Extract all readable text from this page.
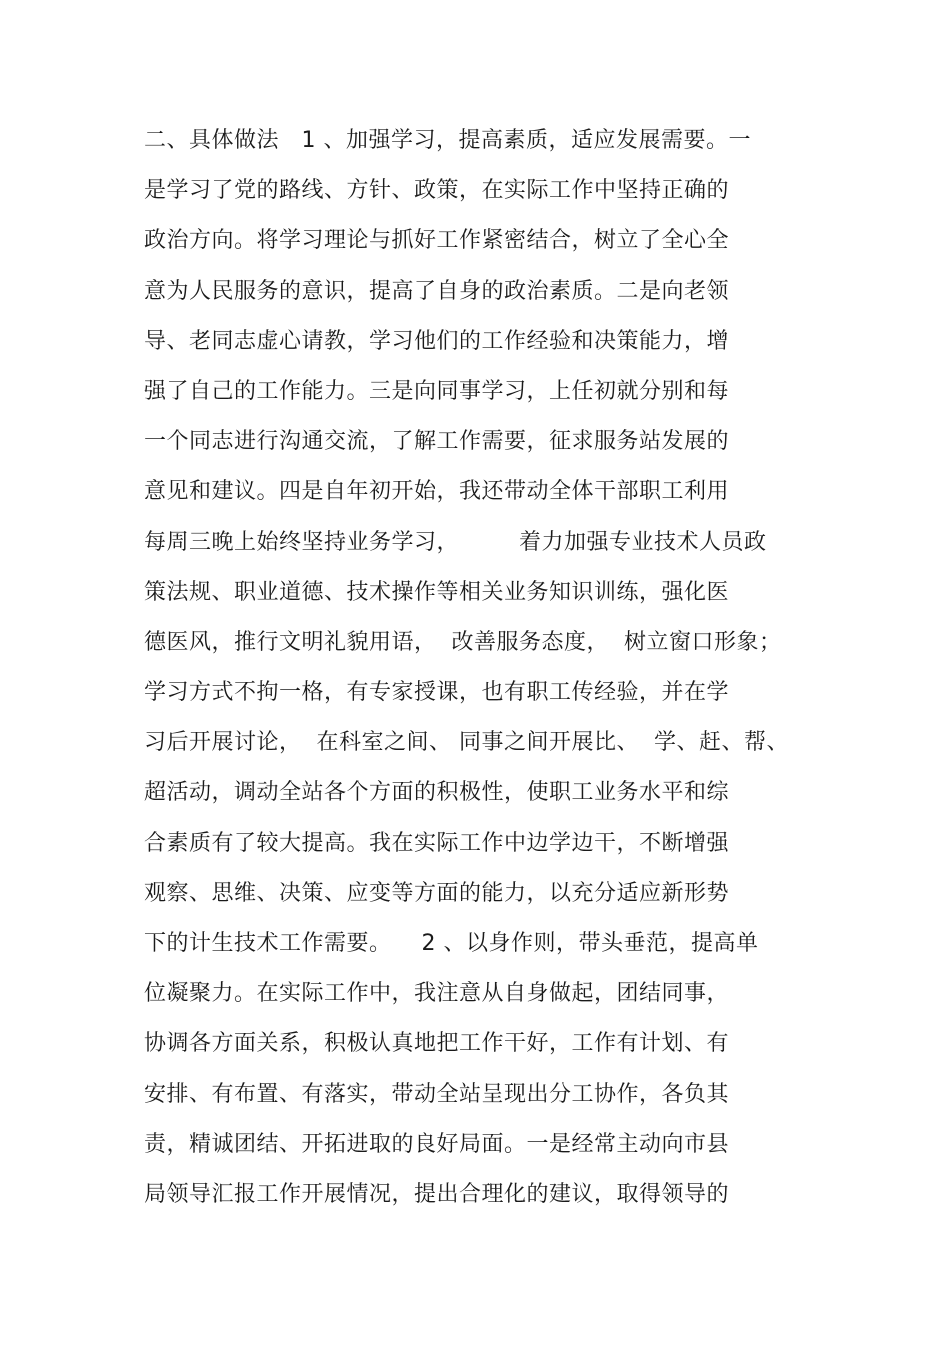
二、具体做法   1 、加强学习，提高素质，适应发展需要。一
是学习了党的路线、方针、政策，在实际工作中坚持正确的
政治方向。将学习理论与抓好工作紧密结合，树立了全心全
意为人民服务的意识，提高了自身的政治素质。二是向老领
导、老同志虚心请教，学习他们的工作经验和决策能力，增
强了自己的工作能力。三是向同事学习，上任初就分别和每
一个同志进行沟通交流，了解工作需要，征求服务站发展的
意见和建议。四是自年初开始，我还带动全体干部职工利用
每周三晚上始终坚持业务学习，        着力加强专业技术人员政
策法规、职业道德、技术操作等相关业务知识训练，强化医
德医风，推行文明礼貌用语，  改善服务态度，  树立窗口形象；
学习方式不拘一格，有专家授课，也有职工传经验，并在学
习后开展讨论，  在科室之间、 同事之间开展比、  学、赶、帮、
超活动，调动全站各个方面的积极性，使职工业务水平和综
合素质有了较大提高。我在实际工作中边学边干，不断增强
观察、思维、决策、应变等方面的能力，以充分适应新形势
下的计生技术工作需要。    2 、以身作则，带头垂范，提高单
位凝聚力。在实际工作中，我注意从自身做起，团结同事，
协调各方面关系，积极认真地把工作干好，工作有计划、有
安排、有布置、有落实，带动全站呈现出分工协作，各负其
责，精诚团结、开拓进取的良好局面。一是经常主动向市县
局领导汇报工作开展情况，提出合理化的建议，取得领导的
